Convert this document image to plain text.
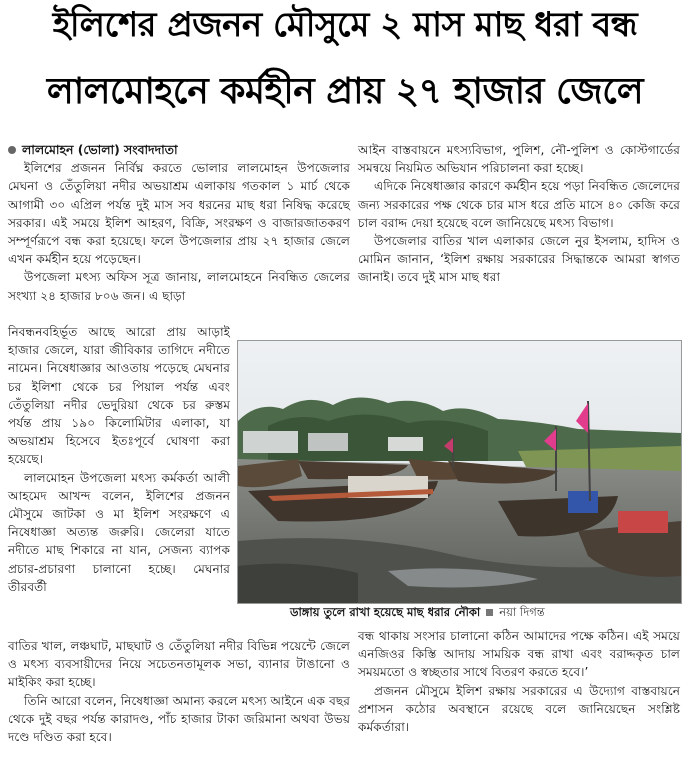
ইলিশের প্রজনন মৌসুমে ২ মাস মাছ ধরা বন্ধ
লালমোহনে কর্মহীন প্রায় ২৭ হাজার জেলে
লালমোহন (ভোলা) সংবাদদাতা

ইলিশের প্রজনন নির্বিঘ্ন করতে ভোলার লালমোহন উপজেলার মেঘনা ও তেঁতুলিয়া নদীর অভয়াশ্রম এলাকায় গতকাল ১ মার্চ থেকে আগামী ৩০ এপ্রিল পর্যন্ত দুই মাস সব ধরনের মাছ ধরা নিষিদ্ধ করেছে সরকার। এই সময়ে ইলিশ আহরণ, বিক্রি, সংরক্ষণ ও বাজারজাতকরণ সম্পূর্ণরূপে বন্ধ করা হয়েছে। ফলে উপজেলার প্রায় ২৭ হাজার জেলে এখন কর্মহীন হয়ে পড়েছেন।

উপজেলা মৎস্য অফিস সূত্র জানায়, লালমোহনে নিবন্ধিত জেলের সংখ্যা ২৪ হাজার ৮০৬ জন। এ ছাড়া

নিবন্ধনবহির্ভূত আছে আরো প্রায় আড়াই হাজার জেলে, যারা জীবিকার তাগিদে নদীতে নামেন। নিষেধাজ্ঞার আওতায় পড়েছে মেঘনার চর ইলিশা থেকে চর পিয়াল পর্যন্ত এবং তেঁতুলিয়া নদীর ভেদুরিয়া থেকে চর রুস্তম পর্যন্ত প্রায় ১৯০ কিলোমিটার এলাকা, যা অভয়াশ্রম হিসেবে ইতঃপূর্বে ঘোষণা করা হয়েছে।

লালমোহন উপজেলা মৎস্য কর্মকর্তা আলী আহমেদ আখন্দ বলেন, ইলিশের প্রজনন মৌসুমে জাটকা ও মা ইলিশ সংরক্ষণে এ নিষেধাজ্ঞা অত্যন্ত জরুরি। জেলেরা যাতে নদীতে মাছ শিকারে না যান, সেজন্য ব্যাপক প্রচার-প্রচারণা চালানো হচ্ছে। মেঘনার তীরবর্তী

বাতির খাল, লঞ্চঘাট, মাছঘাট ও তেঁতুলিয়া নদীর বিভিন্ন পয়েন্টে জেলে ও মৎস্য ব্যবসায়ীদের নিয়ে সচেতনতামূলক সভা, ব্যানার টাঙানো ও মাইকিং করা হচ্ছে।

তিনি আরো বলেন, নিষেধাজ্ঞা অমান্য করলে মৎস্য আইনে এক বছর থেকে দুই বছর পর্যন্ত কারাদণ্ড, পাঁচ হাজার টাকা জরিমানা অথবা উভয় দণ্ডে দণ্ডিত করা হবে।

আইন বাস্তবায়নে মৎস্যবিভাগ, পুলিশ, নৌ-পুলিশ ও কোস্টগার্ডের সমন্বয়ে নিয়মিত অভিযান পরিচালনা করা হচ্ছে।

এদিকে নিষেধাজ্ঞার কারণে কর্মহীন হয়ে পড়া নিবন্ধিত জেলেদের জন্য সরকারের পক্ষ থেকে চার মাস ধরে প্রতি মাসে ৪০ কেজি করে চাল বরাদ্দ দেয়া হয়েছে বলে জানিয়েছে মৎস্য বিভাগ।

উপজেলার বাতির খাল এলাকার জেলে নুর ইসলাম, হাদিস ও মোমিন জানান, ‘ইলিশ রক্ষায় সরকারের সিদ্ধান্তকে আমরা স্বাগত জানাই। তবে দুই মাস মাছ ধরা

বন্ধ থাকায় সংসার চালানো কঠিন আমাদের পক্ষে কঠিন। এই সময়ে এনজিওর কিস্তি আদায় সাময়িক বন্ধ রাখা এবং বরাদ্দকৃত চাল সময়মতো ও স্বচ্ছতার সাথে বিতরণ করতে হবে।’

প্রজনন মৌসুমে ইলিশ রক্ষায় সরকারের এ উদ্যোগ বাস্তবায়নে প্রশাসন কঠোর অবস্থানে রয়েছে বলে জানিয়েছেন সংশ্লিষ্ট কর্মকর্তারা।

ডাঙ্গায় তুলে রাখা হয়েছে মাছ ধরার নৌকা নয়া দিগন্ত
